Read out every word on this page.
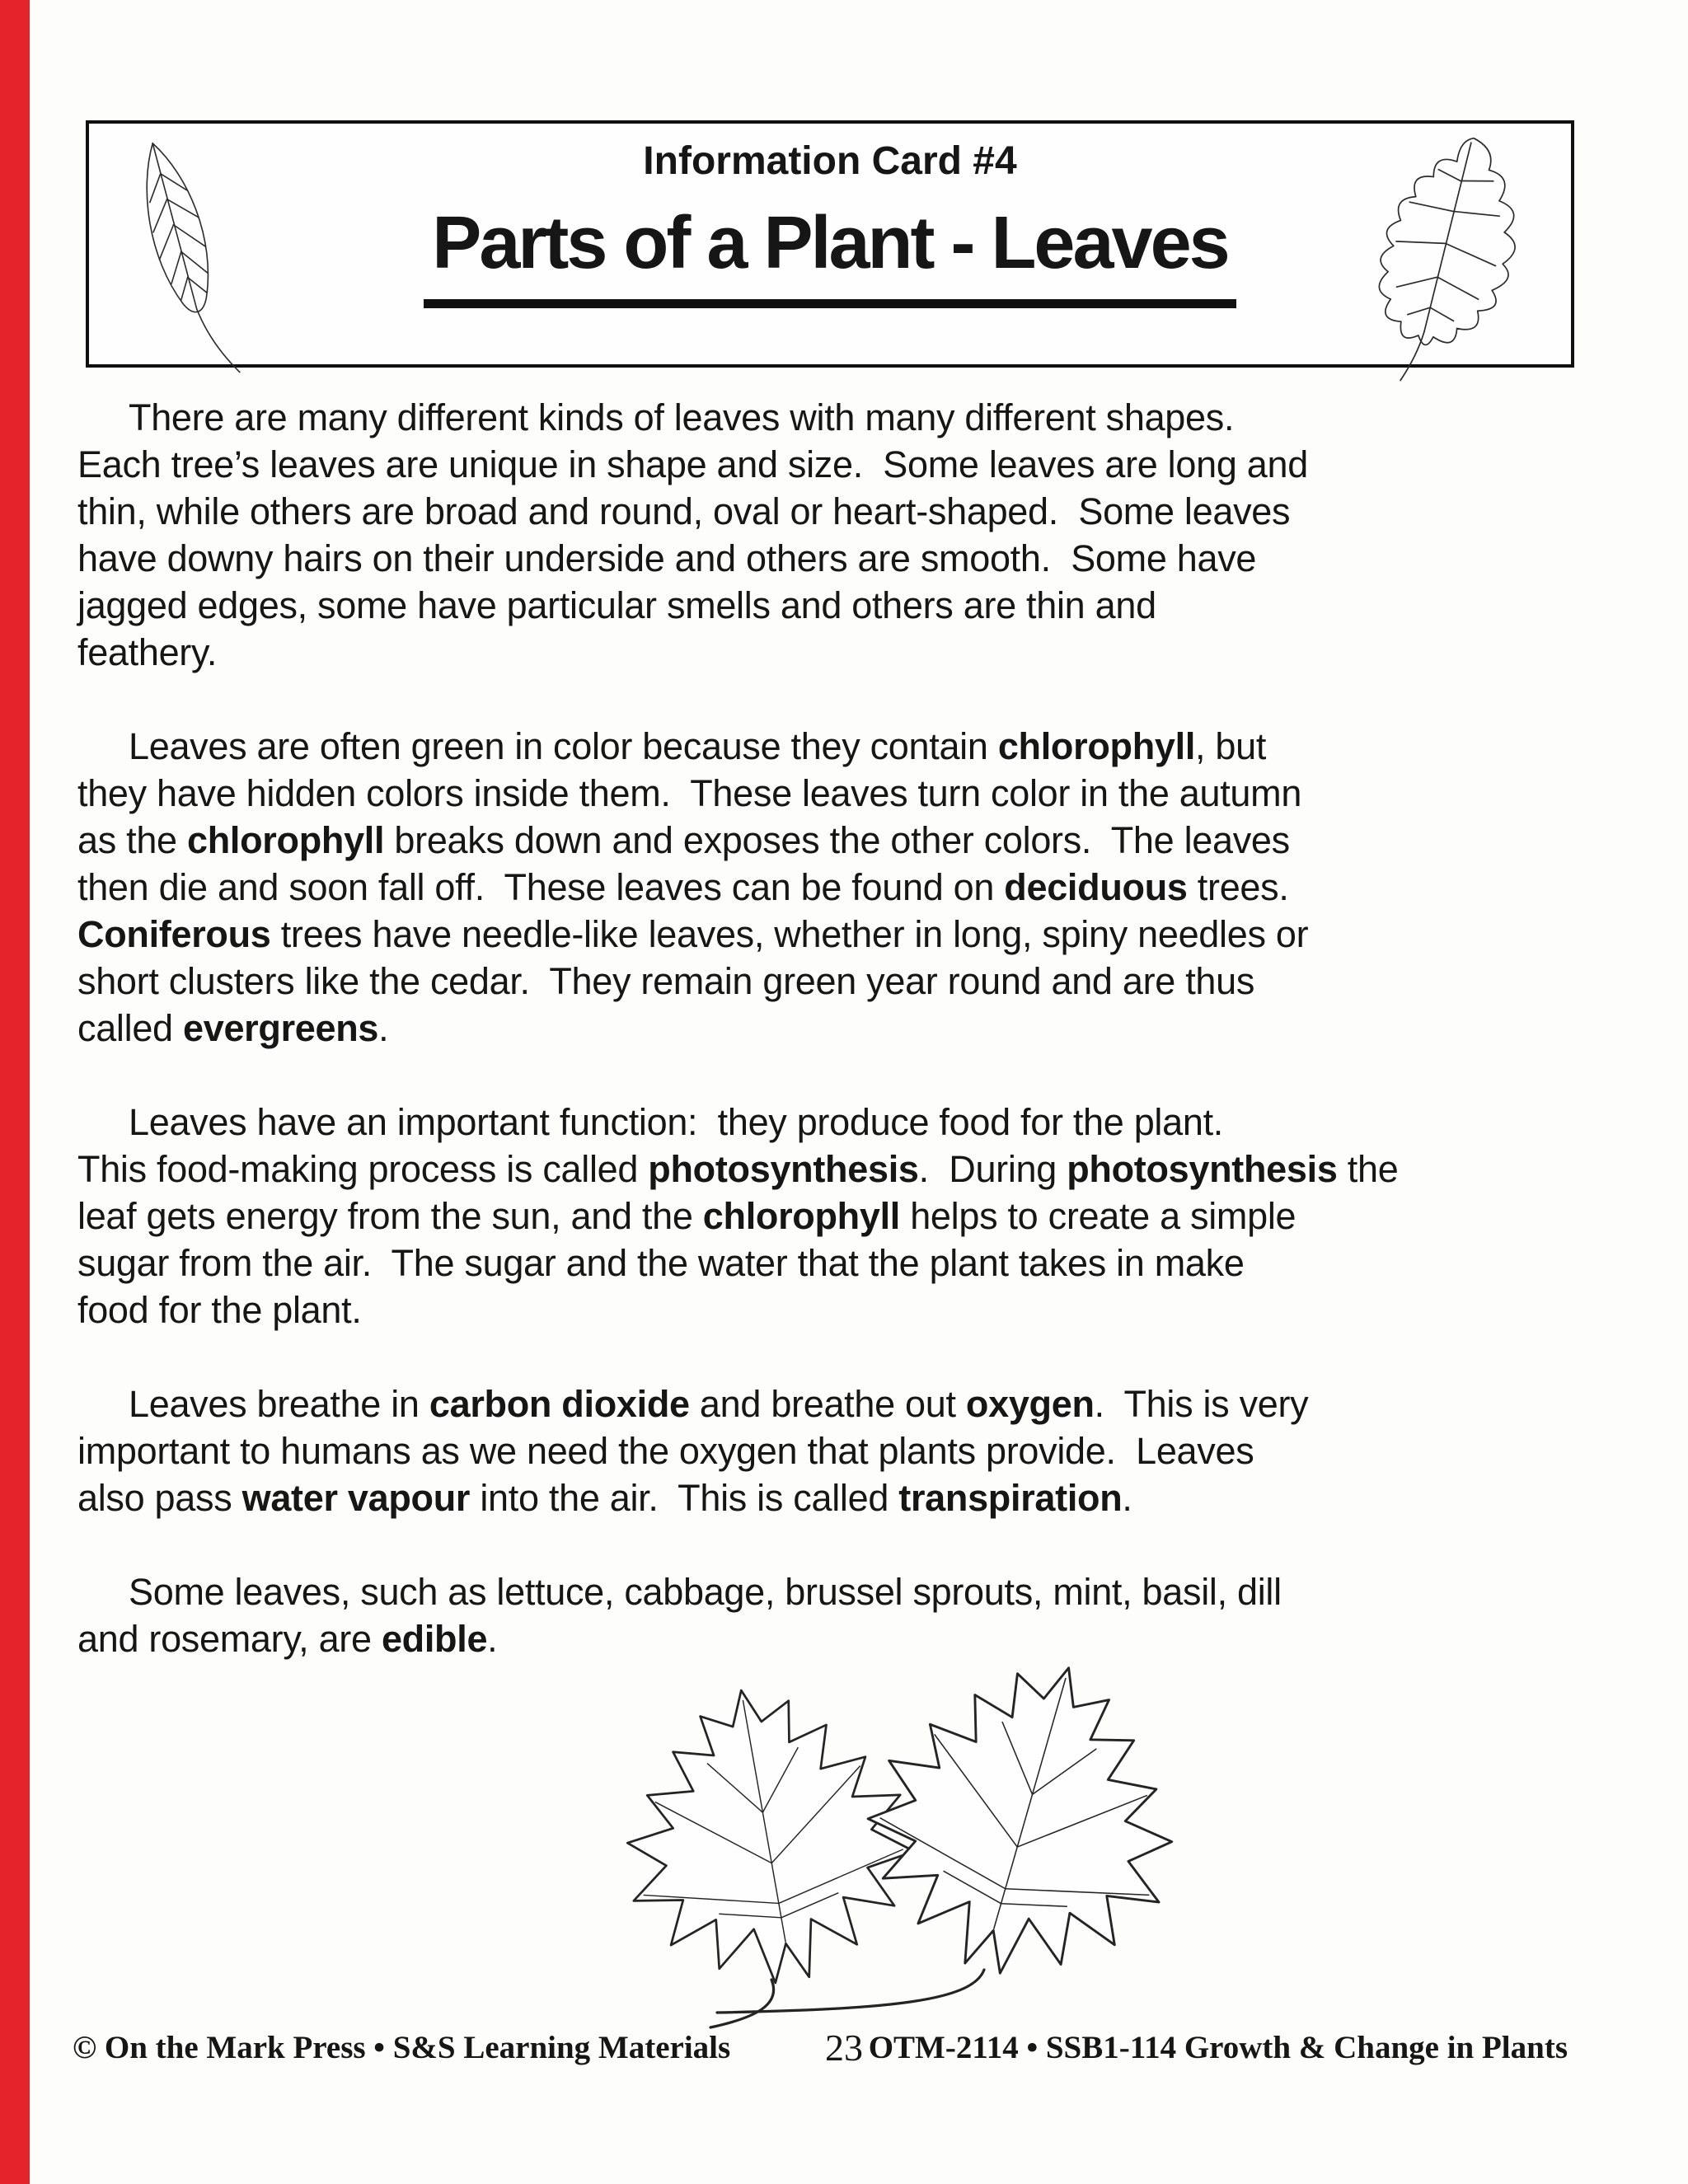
Information Card #4
Parts of a Plant - Leaves
There are many different kinds of leaves with many different shapes.
Each tree’s leaves are unique in shape and size.  Some leaves are long and
thin, while others are broad and round, oval or heart-shaped.  Some leaves
have downy hairs on their underside and others are smooth.  Some have
jagged edges, some have particular smells and others are thin and
feathery.
Leaves are often green in color because they contain chlorophyll, but
they have hidden colors inside them.  These leaves turn color in the autumn
as the chlorophyll breaks down and exposes the other colors.  The leaves
then die and soon fall off.  These leaves can be found on deciduous trees.
Coniferous trees have needle-like leaves, whether in long, spiny needles or
short clusters like the cedar.  They remain green year round and are thus
called evergreens.
Leaves have an important function:  they produce food for the plant.
This food-making process is called photosynthesis.  During photosynthesis the
leaf gets energy from the sun, and the chlorophyll helps to create a simple
sugar from the air.  The sugar and the water that the plant takes in make
food for the plant.
Leaves breathe in carbon dioxide and breathe out oxygen.  This is very
important to humans as we need the oxygen that plants provide.  Leaves
also pass water vapour into the air.  This is called transpiration.
Some leaves, such as lettuce, cabbage, brussel sprouts, mint, basil, dill
and rosemary, are edible.
© On the Mark Press • S&S Learning Materials	23 OTM-2114 • SSB1-114 Growth & Change in Plants
